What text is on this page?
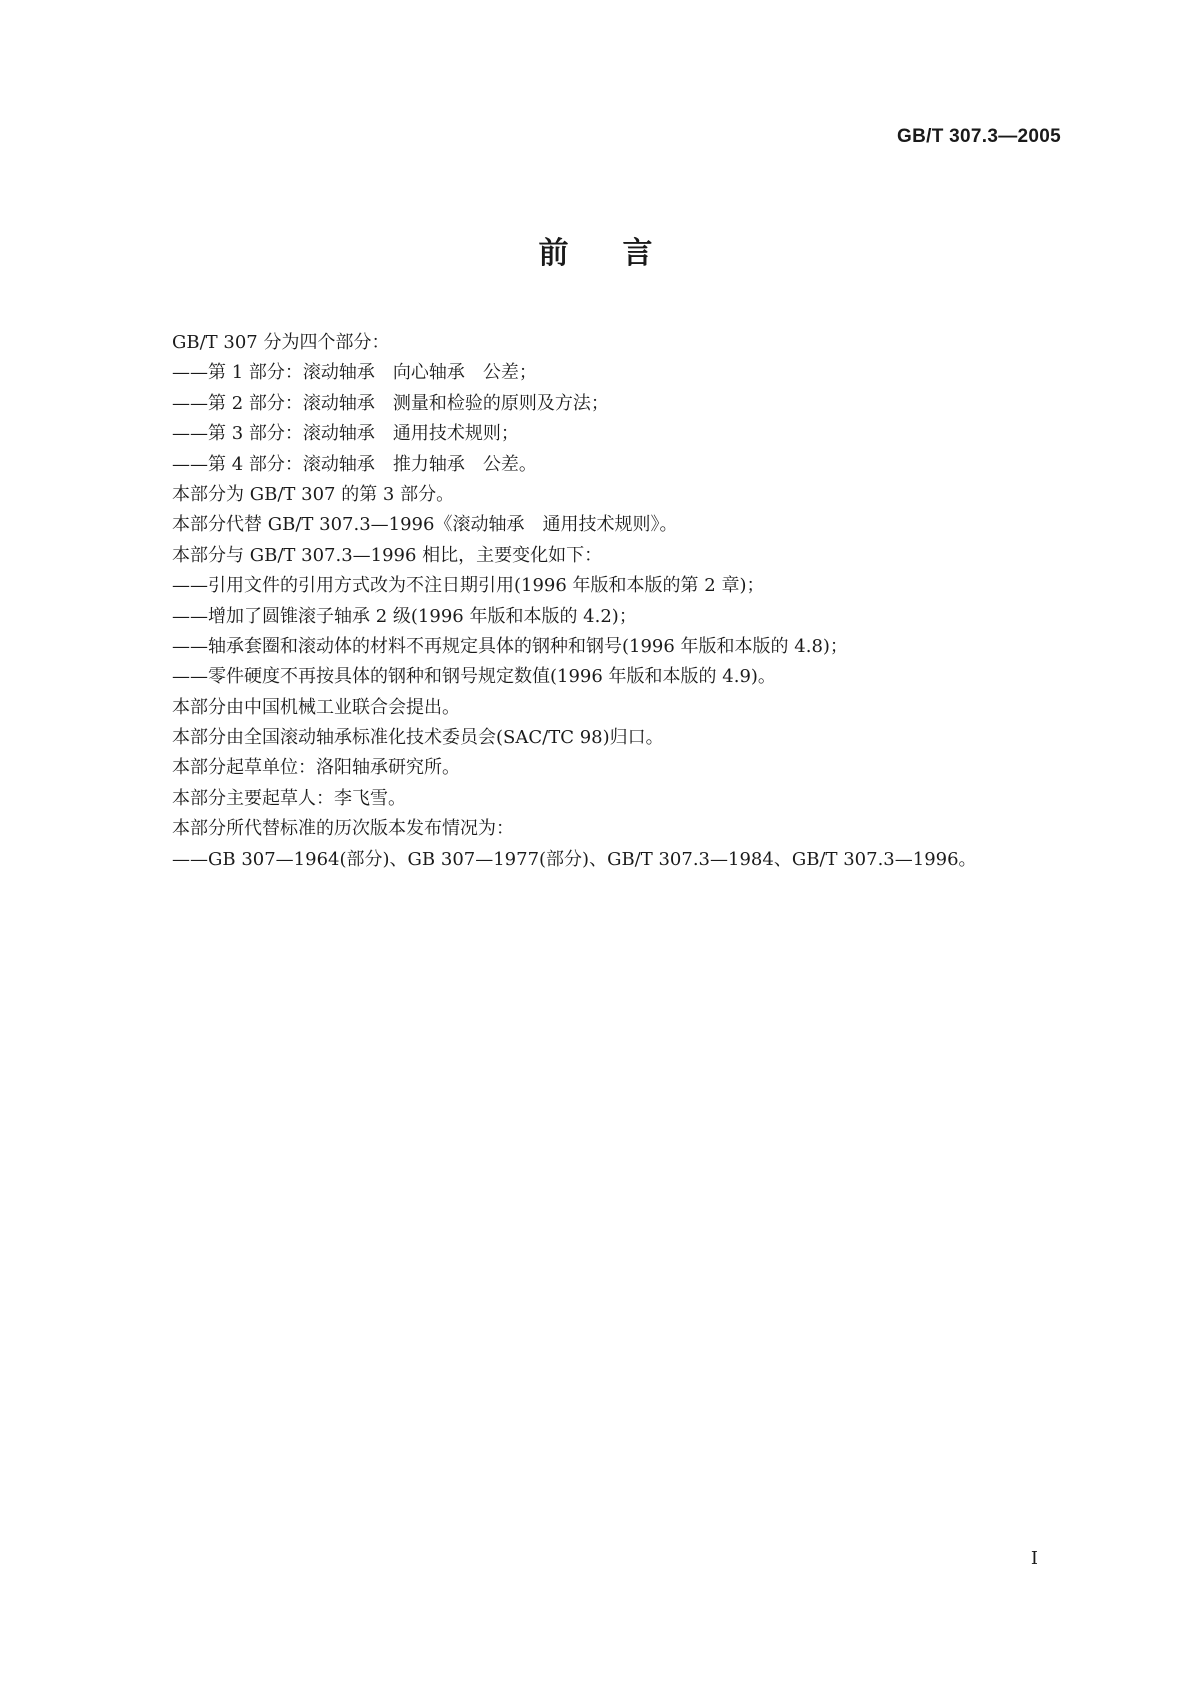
GB/T 307.3—2005
前言
GB/T 307 分为四个部分：
——第 1 部分：滚动轴承　向心轴承　公差；
——第 2 部分：滚动轴承　测量和检验的原则及方法；
——第 3 部分：滚动轴承　通用技术规则；
——第 4 部分：滚动轴承　推力轴承　公差。
本部分为 GB/T 307 的第 3 部分。
本部分代替 GB/T 307.3—1996《滚动轴承　通用技术规则》。
本部分与 GB/T 307.3—1996 相比，主要变化如下：
——引用文件的引用方式改为不注日期引用(1996 年版和本版的第 2 章)；
——增加了圆锥滚子轴承 2 级(1996 年版和本版的 4.2)；
——轴承套圈和滚动体的材料不再规定具体的钢种和钢号(1996 年版和本版的 4.8)；
——零件硬度不再按具体的钢种和钢号规定数值(1996 年版和本版的 4.9)。
本部分由中国机械工业联合会提出。
本部分由全国滚动轴承标准化技术委员会(SAC/TC 98)归口。
本部分起草单位：洛阳轴承研究所。
本部分主要起草人：李飞雪。
本部分所代替标准的历次版本发布情况为：
——GB 307—1964(部分)、GB 307—1977(部分)、GB/T 307.3—1984、GB/T 307.3—1996。
I
